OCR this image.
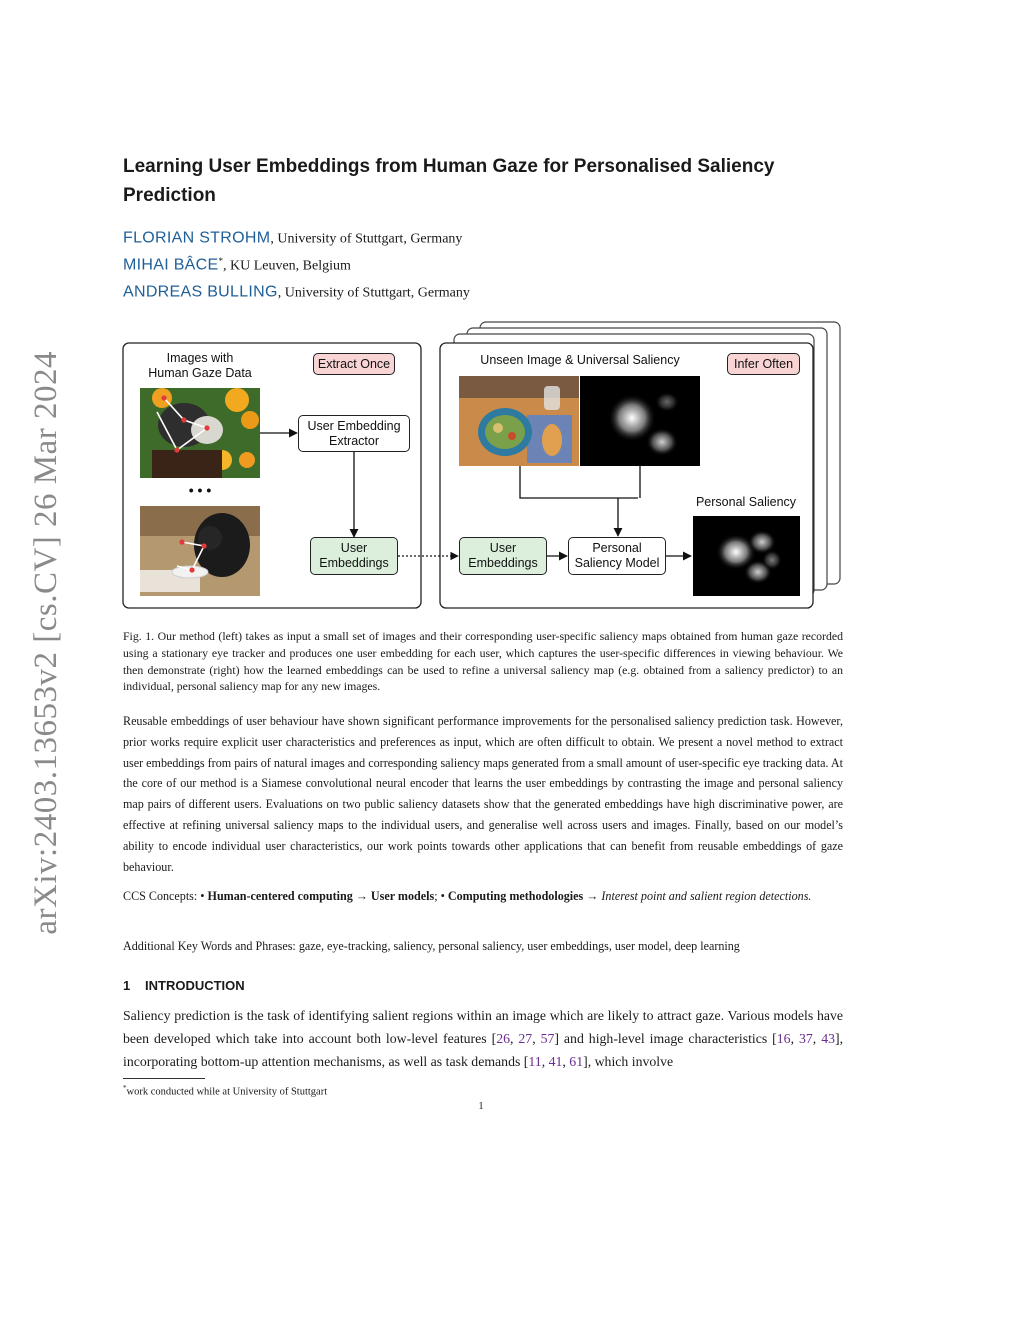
arXiv:2403.13653v2 [cs.CV] 26 Mar 2024
Learning User Embeddings from Human Gaze for Personalised Saliency Prediction
FLORIAN STROHM, University of Stuttgart, Germany
MIHAI BÂCE*, KU Leuven, Belgium
ANDREAS BULLING, University of Stuttgart, Germany
Images with
Human Gaze Data
Extract Once
• • •
User Embedding
Extractor
User
Embeddings
Unseen Image & Universal Saliency	Infer Often
User
Embeddings
Personal
Saliency Model
Personal Saliency

Fig. 1. Our method (left) takes as input a small set of images and their corresponding user-specific saliency maps obtained from human gaze recorded using a stationary eye tracker and produces one user embedding for each user, which captures the user-specific differences in viewing behaviour. We then demonstrate (right) how the learned embeddings can be used to refine a universal saliency map (e.g. obtained from a saliency predictor) to an individual, personal saliency map for any new images.

Reusable embeddings of user behaviour have shown significant performance improvements for the personalised saliency prediction task. However, prior works require explicit user characteristics and preferences as input, which are often difficult to obtain. We present a novel method to extract user embeddings from pairs of natural images and corresponding saliency maps generated from a small amount of user-specific eye tracking data. At the core of our method is a Siamese convolutional neural encoder that learns the user embeddings by contrasting the image and personal saliency map pairs of different users. Evaluations on two public saliency datasets show that the generated embeddings have high discriminative power, are effective at refining universal saliency maps to the individual users, and generalise well across users and images. Finally, based on our model’s ability to encode individual user characteristics, our work points towards other applications that can benefit from reusable embeddings of gaze behaviour.

CCS Concepts: • Human-centered computing → User models; • Computing methodologies → Interest point and salient region detections.

Additional Key Words and Phrases: gaze, eye-tracking, saliency, personal saliency, user embeddings, user model, deep learning

1 INTRODUCTION

Saliency prediction is the task of identifying salient regions within an image which are likely to attract gaze. Various models have been developed which take into account both low-level features [26, 27, 57] and high-level image characteristics [16, 37, 43], incorporating bottom-up attention mechanisms, as well as task demands [11, 41, 61], which involve

*work conducted while at University of Stuttgart

1
